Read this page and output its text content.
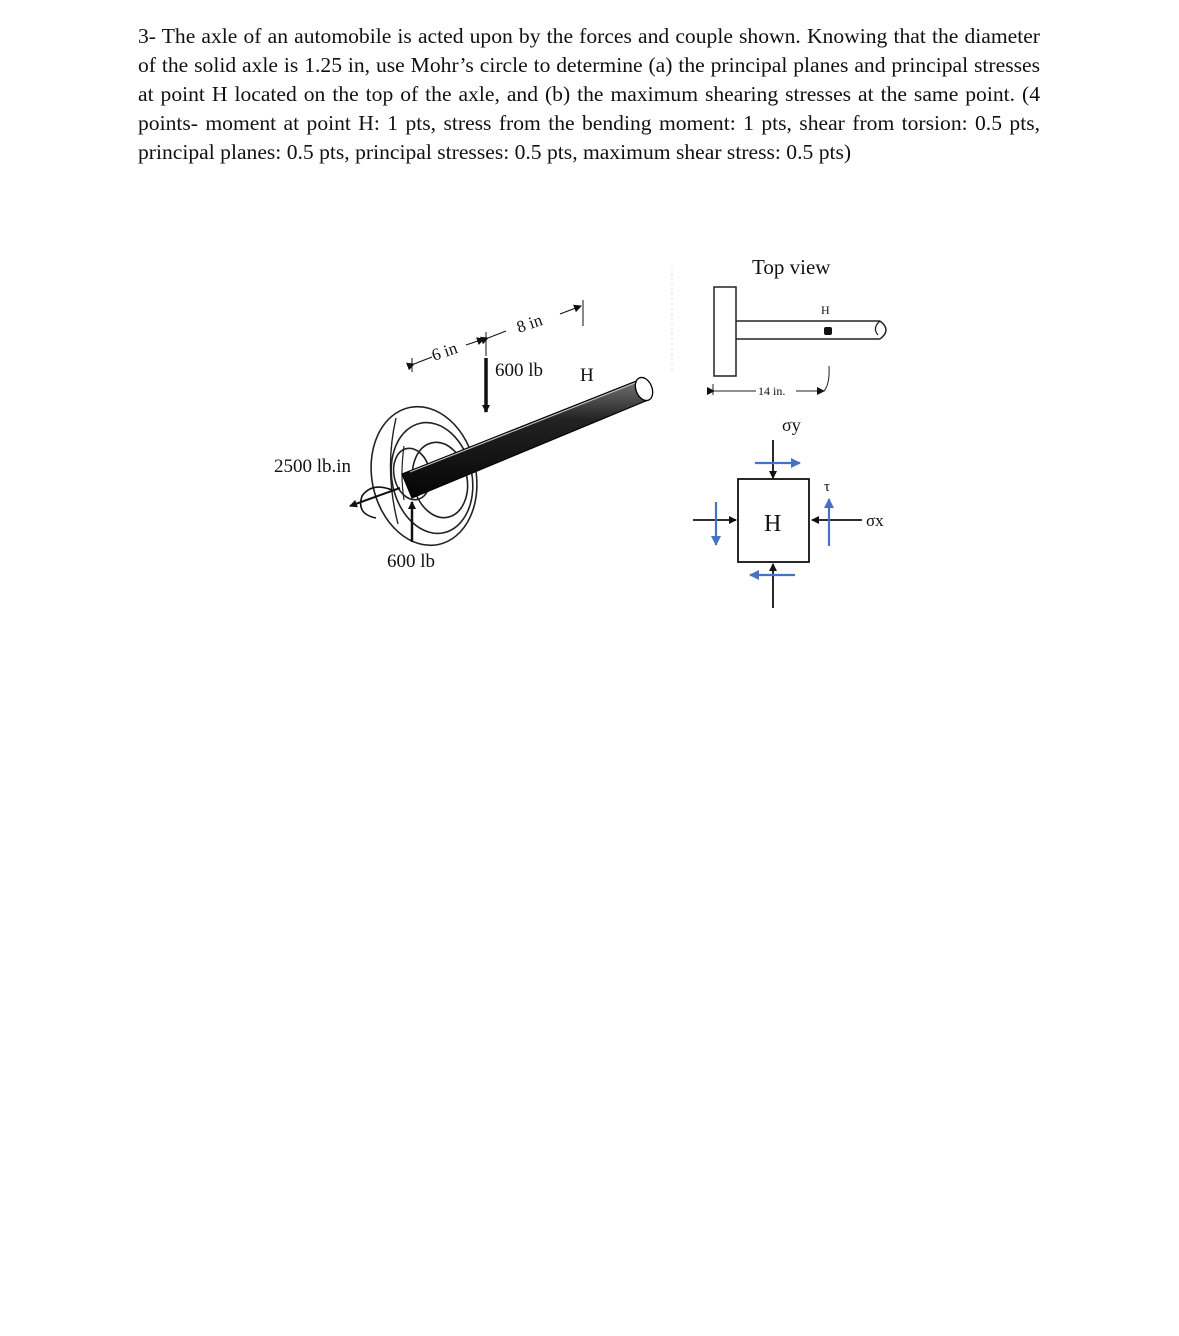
3- The axle of an automobile is acted upon by the forces and couple shown. Knowing that the diameter of the solid axle is 1.25 in, use Mohr’s circle to determine (a) the principal planes and principal stresses at point H located on the top of the axle, and (b) the maximum shearing stresses at the same point. (4 points- moment at point H: 1 pts, stress from the bending moment: 1 pts, shear from torsion: 0.5 pts, principal planes: 0.5 pts, principal stresses: 0.5 pts, maximum shear stress: 0.5 pts)

6 in
8 in
600 lb H
2500 lb.in
600 lb
Top view
H
14 in.
H
σy
τ
σx
